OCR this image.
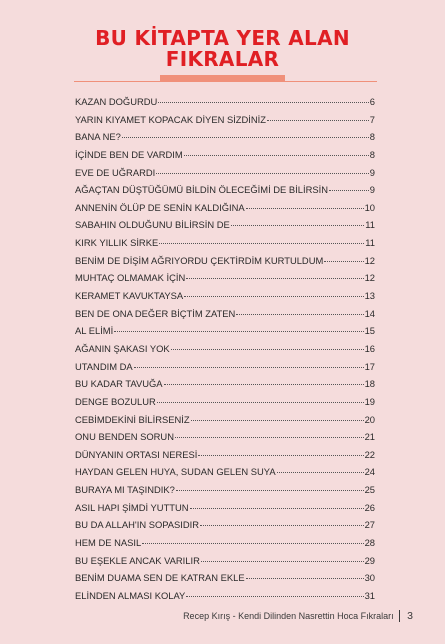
BU KİTAPTA YER ALAN
FIKRALAR
KAZAN DOĞURDU	6
YARIN KIYAMET KOPACAK DİYEN SİZDİNİZ	7
BANA NE?	8
İÇİNDE BEN DE VARDIM	8
EVE DE UĞRARDI	9
AĞAÇTAN DÜŞTÜĞÜMÜ BİLDİN ÖLECEĞİMİ DE BİLİRSİN	9
ANNENİN ÖLÜP DE SENİN KALDIĞINA	10
SABAHIN OLDUĞUNU BİLİRSİN DE	11
KIRK YILLIK SİRKE	11
BENİM DE DİŞİM AĞRIYORDU ÇEKTİRDİM KURTULDUM	12
MUHTAÇ OLMAMAK İÇİN	12
KERAMET KAVUKTAYSA	13
BEN DE ONA DEĞER BİÇTİM ZATEN	14
AL ELİMİ	15
AĞANIN ŞAKASI YOK	16
UTANDIM DA	17
BU KADAR TAVUĞA	18
DENGE BOZULUR	19
CEBİMDEKİNİ BİLİRSENİZ	20
ONU BENDEN SORUN	21
DÜNYANIN ORTASI NERESİ	22
HAYDAN GELEN HUYA, SUDAN GELEN SUYA	24
BURAYA MI TAŞINDIK?	25
ASIL HAPI ŞİMDİ YUTTUN	26
BU DA ALLAH'IN SOPASIDIR	27
HEM DE NASIL	28
BU EŞEKLE ANCAK VARILIR	29
BENİM DUAMA SEN DE KATRAN EKLE	30
ELİNDEN ALMASI KOLAY	31
Recep Kırış - Kendi Dilinden Nasrettin Hoca Fıkraları 3
